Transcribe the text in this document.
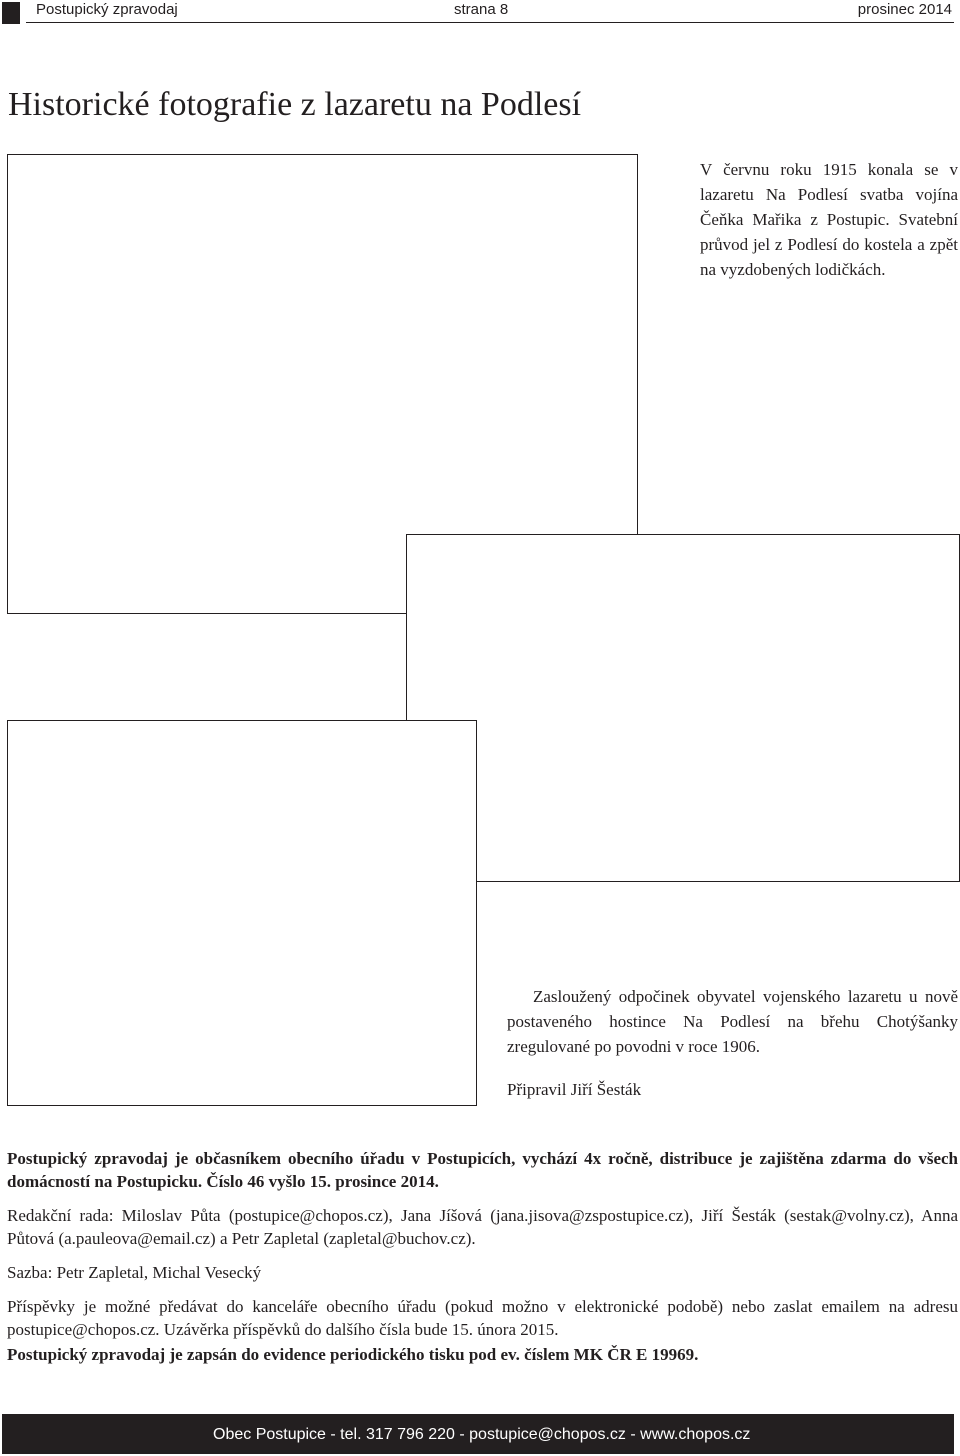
Postupický zpravodaj	strana 8	prosinec 2014
Historické fotografie z lazaretu na Podlesí
V červnu roku 1915 konala se v lazaretu Na Podlesí svatba vojína Čeňka Mařika z Postupic. Svatební průvod jel z Podlesí do kostela a zpět na vyzdobených lodičkách.
Zasloužený odpočinek obyvatel vojenského lazaretu u nově postaveného hostince Na Podlesí na břehu Chotýšanky zregulované po povodni v roce 1906.
Připravil Jiří Šesták

Postupický zpravodaj je občasníkem obecního úřadu v Postupicích, vychází 4x ročně, distribuce je zajištěna zdarma do všech domácností na Postupicku. Číslo 46 vyšlo 15. prosince 2014.

Redakční rada: Miloslav Půta (postupice@chopos.cz), Jana Jíšová (jana.jisova@zspostupice.cz), Jiří Šesták (sestak@volny.cz), Anna Půtová (a.pauleova@email.cz) a Petr Zapletal (zapletal@buchov.cz).

Sazba: Petr Zapletal, Michal Vesecký

Příspěvky je možné předávat do kanceláře obecního úřadu (pokud možno v elektronické podobě) nebo zaslat emailem na adresu postupice@chopos.cz. Uzávěrka příspěvků do dalšího čísla bude 15. února 2015.

Postupický zpravodaj je zapsán do evidence periodického tisku pod ev. číslem MK ČR E 19969.

Obec Postupice - tel. 317 796 220 - postupice@chopos.cz - www.chopos.cz
